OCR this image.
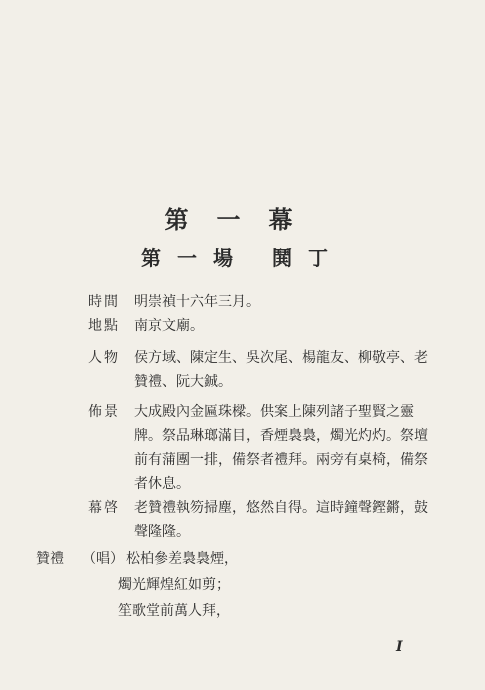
第一幕
第一場 鬨丁
時間	明崇禎十六年三月。
地點	南京文廟。
人物	侯方域、陳定生、吳次尾、楊龍友、柳敬亭、老贊禮、阮大鋮。
佈景	大成殿內金匾珠樑。供案上陳列諸子聖賢之靈牌。祭品琳瑯滿目，香煙裊裊，燭光灼灼。祭壇前有蒲團一排，備祭者禮拜。兩旁有桌椅，備祭者休息。
幕啓	老贊禮執笏掃塵，悠然自得。這時鐘聲鏗鏘，鼓聲隆隆。
贊禮	（唱） 松柏參差裊裊煙，
燭光輝煌紅如剪；
笙歌堂前萬人拜，
I
